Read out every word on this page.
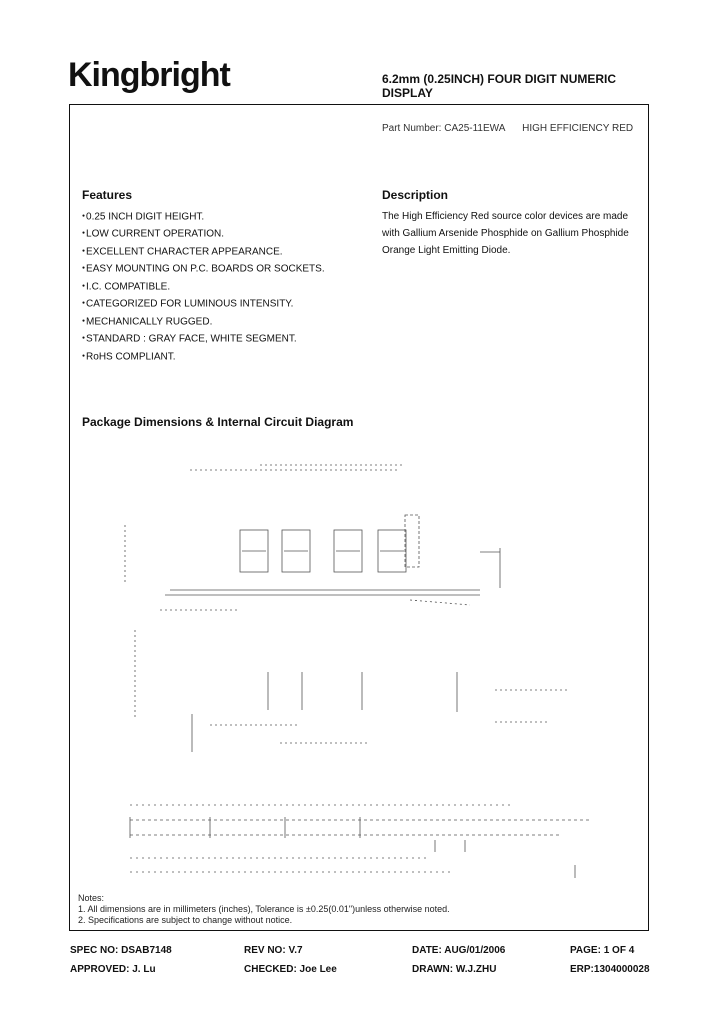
Kingbright	6.2mm (0.25INCH) FOUR DIGIT NUMERIC
DISPLAY
Part Number: CA25-11EWA HIGH EFFICIENCY RED
Features
● 0.25 INCH DIGIT HEIGHT.
● LOW CURRENT OPERATION.
● EXCELLENT CHARACTER APPEARANCE.
● EASY MOUNTING ON P.C. BOARDS OR SOCKETS.
● I.C. COMPATIBLE.
● CATEGORIZED FOR LUMINOUS INTENSITY.
● MECHANICALLY RUGGED.
● STANDARD : GRAY FACE, WHITE SEGMENT.
● RoHS COMPLIANT.
Description
The High Efficiency Red source color devices are made
with Gallium Arsenide Phosphide on Gallium Phosphide
Orange Light Emitting Diode.
Package Dimensions & Internal Circuit Diagram
Notes:
1. All dimensions are in millimeters (inches), Tolerance is ±0.25(0.01")unless otherwise noted.
2. Specifications are subject to change without notice.
SPEC NO: DSAB7148	REV NO: V.7	DATE: AUG/01/2006	PAGE: 1 OF 4
APPROVED: J. Lu	CHECKED: Joe Lee	DRAWN: W.J.ZHU	ERP:1304000028
